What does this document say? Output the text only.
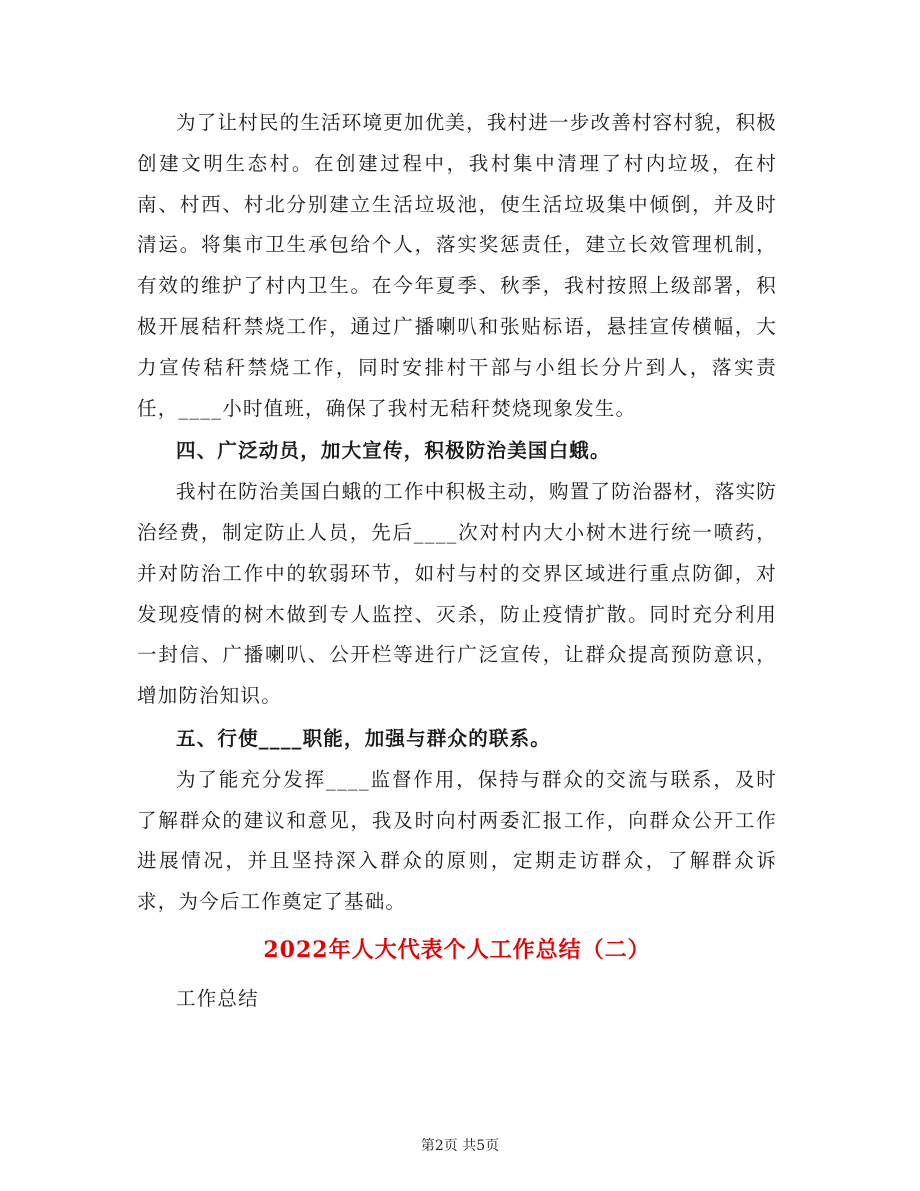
为了让村民的生活环境更加优美，我村进一步改善村容村貌，积极创建文明生态村。在创建过程中，我村集中清理了村内垃圾，在村南、村西、村北分别建立生活垃圾池，使生活垃圾集中倾倒，并及时清运。将集市卫生承包给个人，落实奖惩责任，建立长效管理机制，有效的维护了村内卫生。在今年夏季、秋季，我村按照上级部署，积极开展秸秆禁烧工作，通过广播喇叭和张贴标语，悬挂宣传横幅，大力宣传秸秆禁烧工作，同时安排村干部与小组长分片到人，落实责任，____小时值班，确保了我村无秸秆焚烧现象发生。

四、广泛动员，加大宣传，积极防治美国白蛾。

我村在防治美国白蛾的工作中积极主动，购置了防治器材，落实防治经费，制定防止人员，先后____次对村内大小树木进行统一喷药，并对防治工作中的软弱环节，如村与村的交界区域进行重点防御，对发现疫情的树木做到专人监控、灭杀，防止疫情扩散。同时充分利用一封信、广播喇叭、公开栏等进行广泛宣传，让群众提高预防意识，增加防治知识。

五、行使____职能，加强与群众的联系。

为了能充分发挥____监督作用，保持与群众的交流与联系，及时了解群众的建议和意见，我及时向村两委汇报工作，向群众公开工作进展情况，并且坚持深入群众的原则，定期走访群众，了解群众诉求，为今后工作奠定了基础。

2022年人大代表个人工作总结（二）

工作总结

第2页 共5页
